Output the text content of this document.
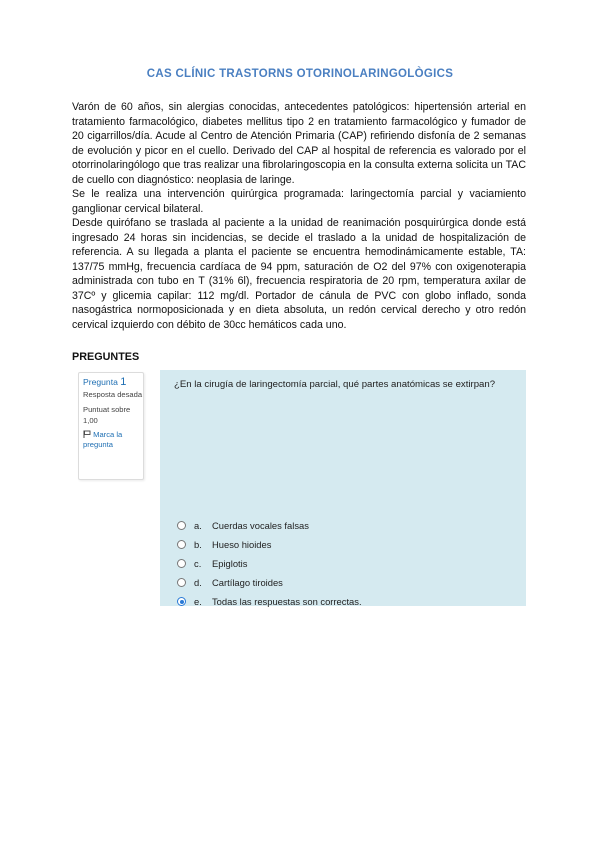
CAS CLÍNIC TRASTORNS OTORINOLARINGOLÒGICS

Varón de 60 años, sin alergias conocidas, antecedentes patológicos: hipertensión arterial en tratamiento farmacológico, diabetes mellitus tipo 2 en tratamiento farmacológico y fumador de 20 cigarrillos/día. Acude al Centro de Atención Primaria (CAP) refiriendo disfonía de 2 semanas de evolución y picor en el cuello. Derivado del CAP al hospital de referencia es valorado por el otorrinolaringólogo que tras realizar una fibrolaringoscopia en la consulta externa solicita un TAC de cuello con diagnóstico: neoplasia de laringe.

Se le realiza una intervención quirúrgica programada: laringectomía parcial y vaciamiento ganglionar cervical bilateral.

Desde quirófano se traslada al paciente a la unidad de reanimación posquirúrgica donde está ingresado 24 horas sin incidencias, se decide el traslado a la unidad de hospitalización de referencia. A su llegada a planta el paciente se encuentra hemodinámicamente estable, TA: 137/75 mmHg, frecuencia cardíaca de 94 ppm, saturación de O2 del 97% con oxigenoterapia administrada con tubo en T (31% 6l), frecuencia respiratoria de 20 rpm, temperatura axilar de 37Cº y glicemia capilar: 112 mg/dl. Portador de cánula de PVC con globo inflado, sonda nasogástrica normoposicionada y en dieta absoluta, un redón cervical derecho y otro redón cervical izquierdo con débito de 30cc hemáticos cada uno.

PREGUNTES
Pregunta 1
Resposta desada
Puntuat sobre 1,00
Marca la pregunta
¿En la cirugía de laringectomía parcial, qué partes anatómicas se extirpan?
a.	Cuerdas vocales falsas
b.	Hueso hioides
c.	Epiglotis
d.	Cartílago tiroides
e.	Todas las respuestas son correctas.
